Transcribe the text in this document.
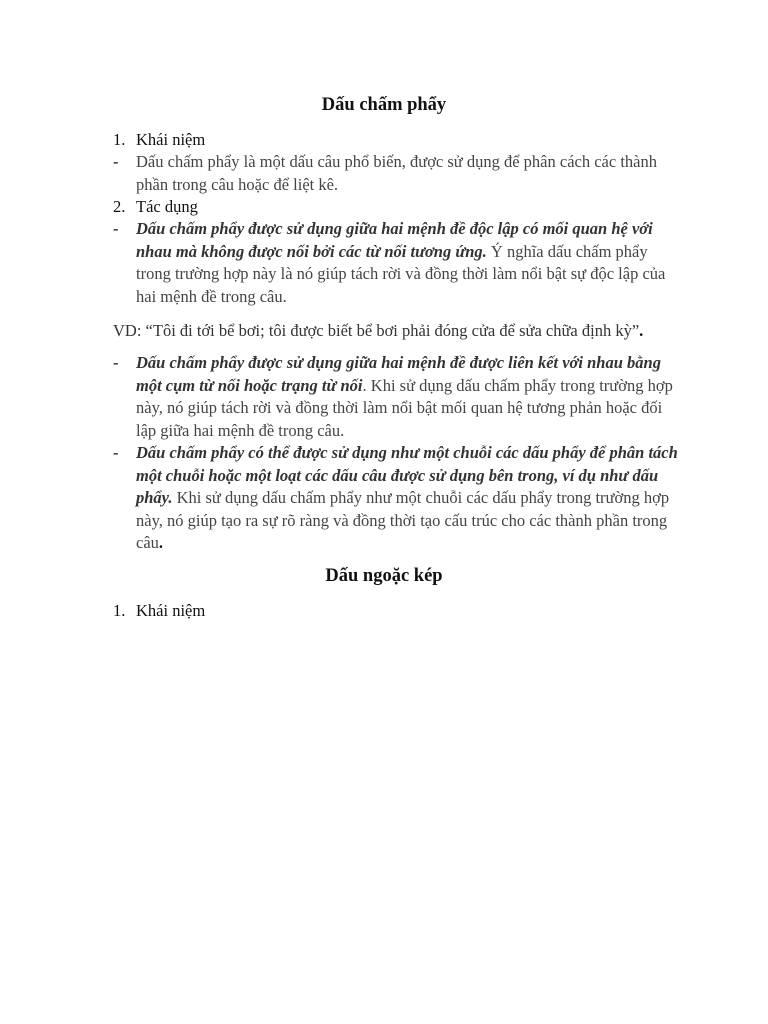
Dấu chấm phẩy
1. Khái niệm
- Dấu chấm phẩy là một dấu câu phổ biến, được sử dụng để phân cách các thành phần trong câu hoặc để liệt kê.
2. Tác dụng
- Dấu chấm phẩy được sử dụng giữa hai mệnh đề độc lập có mối quan hệ với nhau mà không được nối bởi các từ nối tương ứng. Ý nghĩa dấu chấm phẩy trong trường hợp này là nó giúp tách rời và đồng thời làm nổi bật sự độc lập của hai mệnh đề trong câu.
VD: “Tôi đi tới bể bơi; tôi được biết bể bơi phải đóng cửa để sửa chữa định kỳ”.
- Dấu chấm phẩy được sử dụng giữa hai mệnh đề được liên kết với nhau bằng một cụm từ nối hoặc trạng từ nối. Khi sử dụng dấu chấm phẩy trong trường hợp này, nó giúp tách rời và đồng thời làm nổi bật mối quan hệ tương phản hoặc đối lập giữa hai mệnh đề trong câu.
- Dấu chấm phẩy có thể được sử dụng như một chuỗi các dấu phẩy để phân tách một chuỗi hoặc một loạt các dấu câu được sử dụng bên trong, ví dụ như dấu phẩy. Khi sử dụng dấu chấm phẩy như một chuỗi các dấu phẩy trong trường hợp này, nó giúp tạo ra sự rõ ràng và đồng thời tạo cấu trúc cho các thành phần trong câu.
Dấu ngoặc kép
1. Khái niệm
